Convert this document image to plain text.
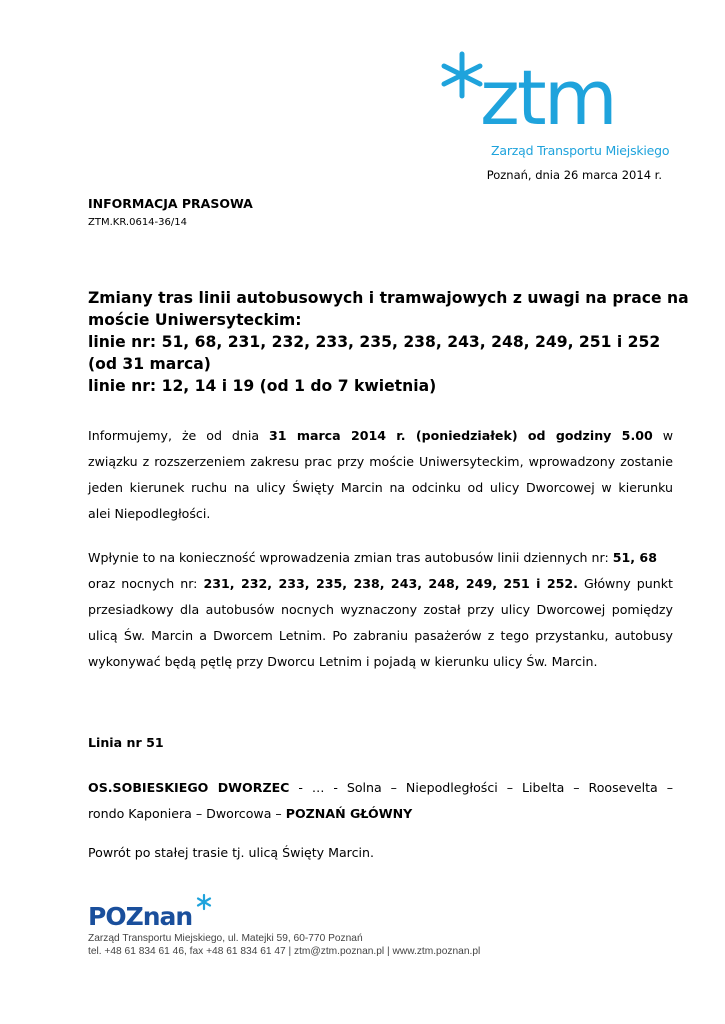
ztm
Zarząd Transportu Miejskiego
Poznań, dnia 26 marca 2014 r.
INFORMACJA PRASOWA
ZTM.KR.0614-36/14
Zmiany tras linii autobusowych i tramwajowych z uwagi na prace na
moście Uniwersyteckim:
linie nr: 51, 68, 231, 232, 233, 235, 238, 243, 248, 249, 251 i 252
(od 31 marca)
linie nr: 12, 14 i 19 (od 1 do 7 kwietnia)
Informujemy, że od dnia 31 marca 2014 r. (poniedziałek) od godziny 5.00 w
związku z rozszerzeniem zakresu prac przy moście Uniwersyteckim, wprowadzony zostanie
jeden kierunek ruchu na ulicy Święty Marcin na odcinku od ulicy Dworcowej w kierunku
alei Niepodległości.
Wpłynie to na konieczność wprowadzenia zmian tras autobusów linii dziennych nr: 51, 68
oraz nocnych nr: 231, 232, 233, 235, 238, 243, 248, 249, 251 i 252. Główny punkt
przesiadkowy dla autobusów nocnych wyznaczony został przy ulicy Dworcowej pomiędzy
ulicą Św. Marcin a Dworcem Letnim. Po zabraniu pasażerów z tego przystanku, autobusy
wykonywać będą pętlę przy Dworcu Letnim i pojadą w kierunku ulicy Św. Marcin.
Linia nr 51
OS.SOBIESKIEGO DWORZEC - … - Solna – Niepodległości – Libelta – Roosevelta –
rondo Kaponiera – Dworcowa – POZNAŃ GŁÓWNY
Powrót po stałej trasie tj. ulicą Święty Marcin.
POZnan
Zarząd Transportu Miejskiego, ul. Matejki 59, 60-770 Poznań
tel. +48 61 834 61 46, fax +48 61 834 61 47 | ztm@ztm.poznan.pl | www.ztm.poznan.pl
